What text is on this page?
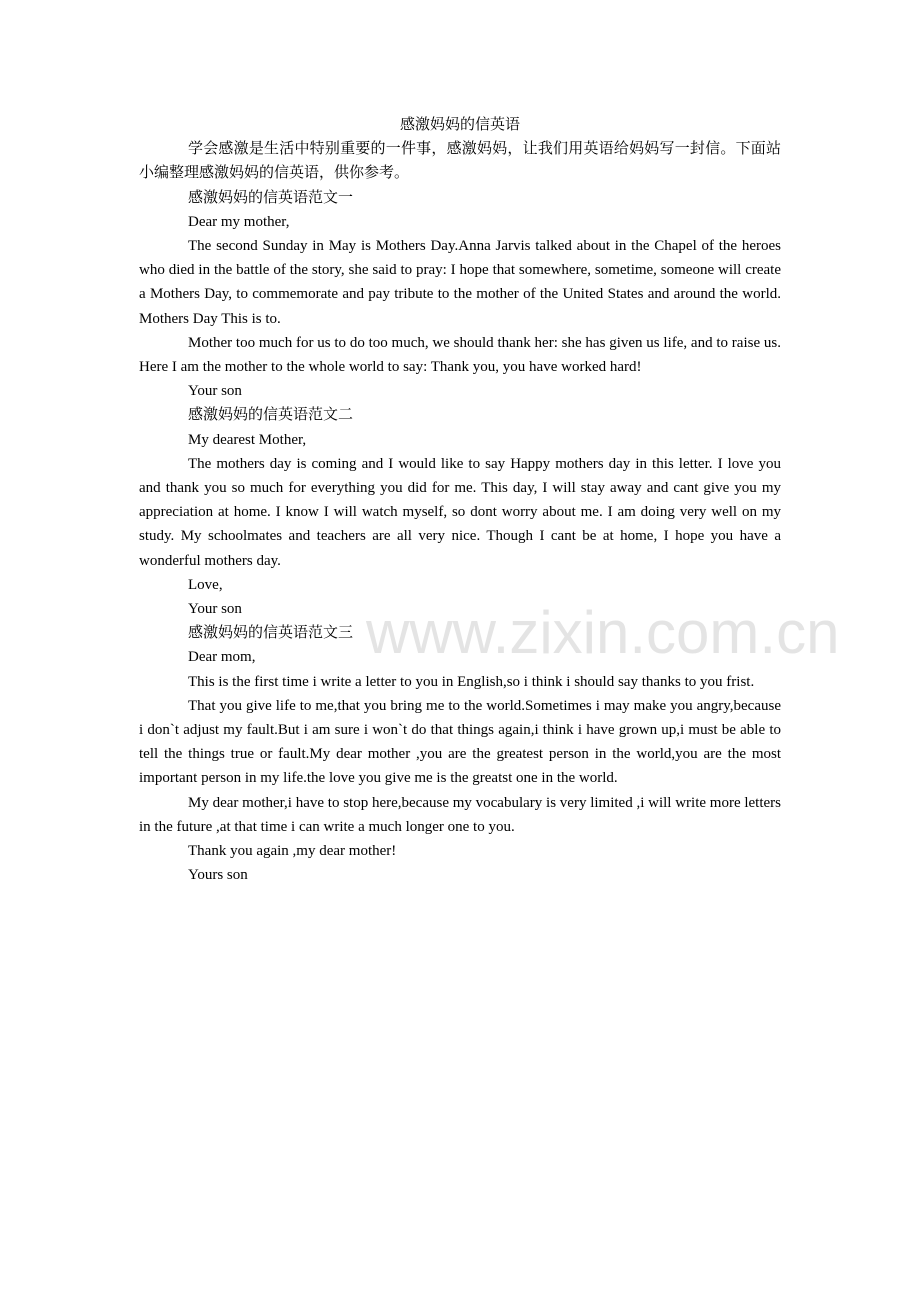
感激妈妈的信英语

学会感激是生活中特别重要的一件事，感激妈妈，让我们用英语给妈妈写一封信。下面站小编整理感激妈妈的信英语，供你参考。

感激妈妈的信英语范文一

Dear my mother,

The second Sunday in May is Mothers Day.Anna Jarvis talked about in the Chapel of the heroes who died in the battle of the story, she said to pray: I hope that somewhere, sometime, someone will create a Mothers Day, to commemorate and pay tribute to the mother of the United States and around the world. Mothers Day This is to.

Mother too much for us to do too much, we should thank her: she has given us life, and to raise us. Here I am the mother to the whole world to say: Thank you, you have worked hard!

Your son

感激妈妈的信英语范文二

My dearest Mother,

The mothers day is coming and I would like to say Happy mothers day in this letter. I love you and thank you so much for everything you did for me. This day, I will stay away and cant give you my appreciation at home. I know I will watch myself, so dont worry about me. I am doing very well on my study. My schoolmates and teachers are all very nice. Though I cant be at home, I hope you have a wonderful mothers day.

Love,

Your son

感激妈妈的信英语范文三

Dear mom,

This is the first time i write a letter to you in English,so i think i should say thanks to you frist.

That you give life to me,that you bring me to the world.Sometimes i may make you angry,because i don`t adjust my fault.But i am sure i won`t do that things again,i think i have grown up,i must be able to tell the things true or fault.My dear mother ,you are the greatest person in the world,you are the most important person in my life.the love you give me is the greatst one in the world.

My dear mother,i have to stop here,because my vocabulary is very limited ,i will write more letters in the future ,at that time i can write a much longer one to you.

Thank you again ,my dear mother!

Yours son

www.zixin.com.cn
